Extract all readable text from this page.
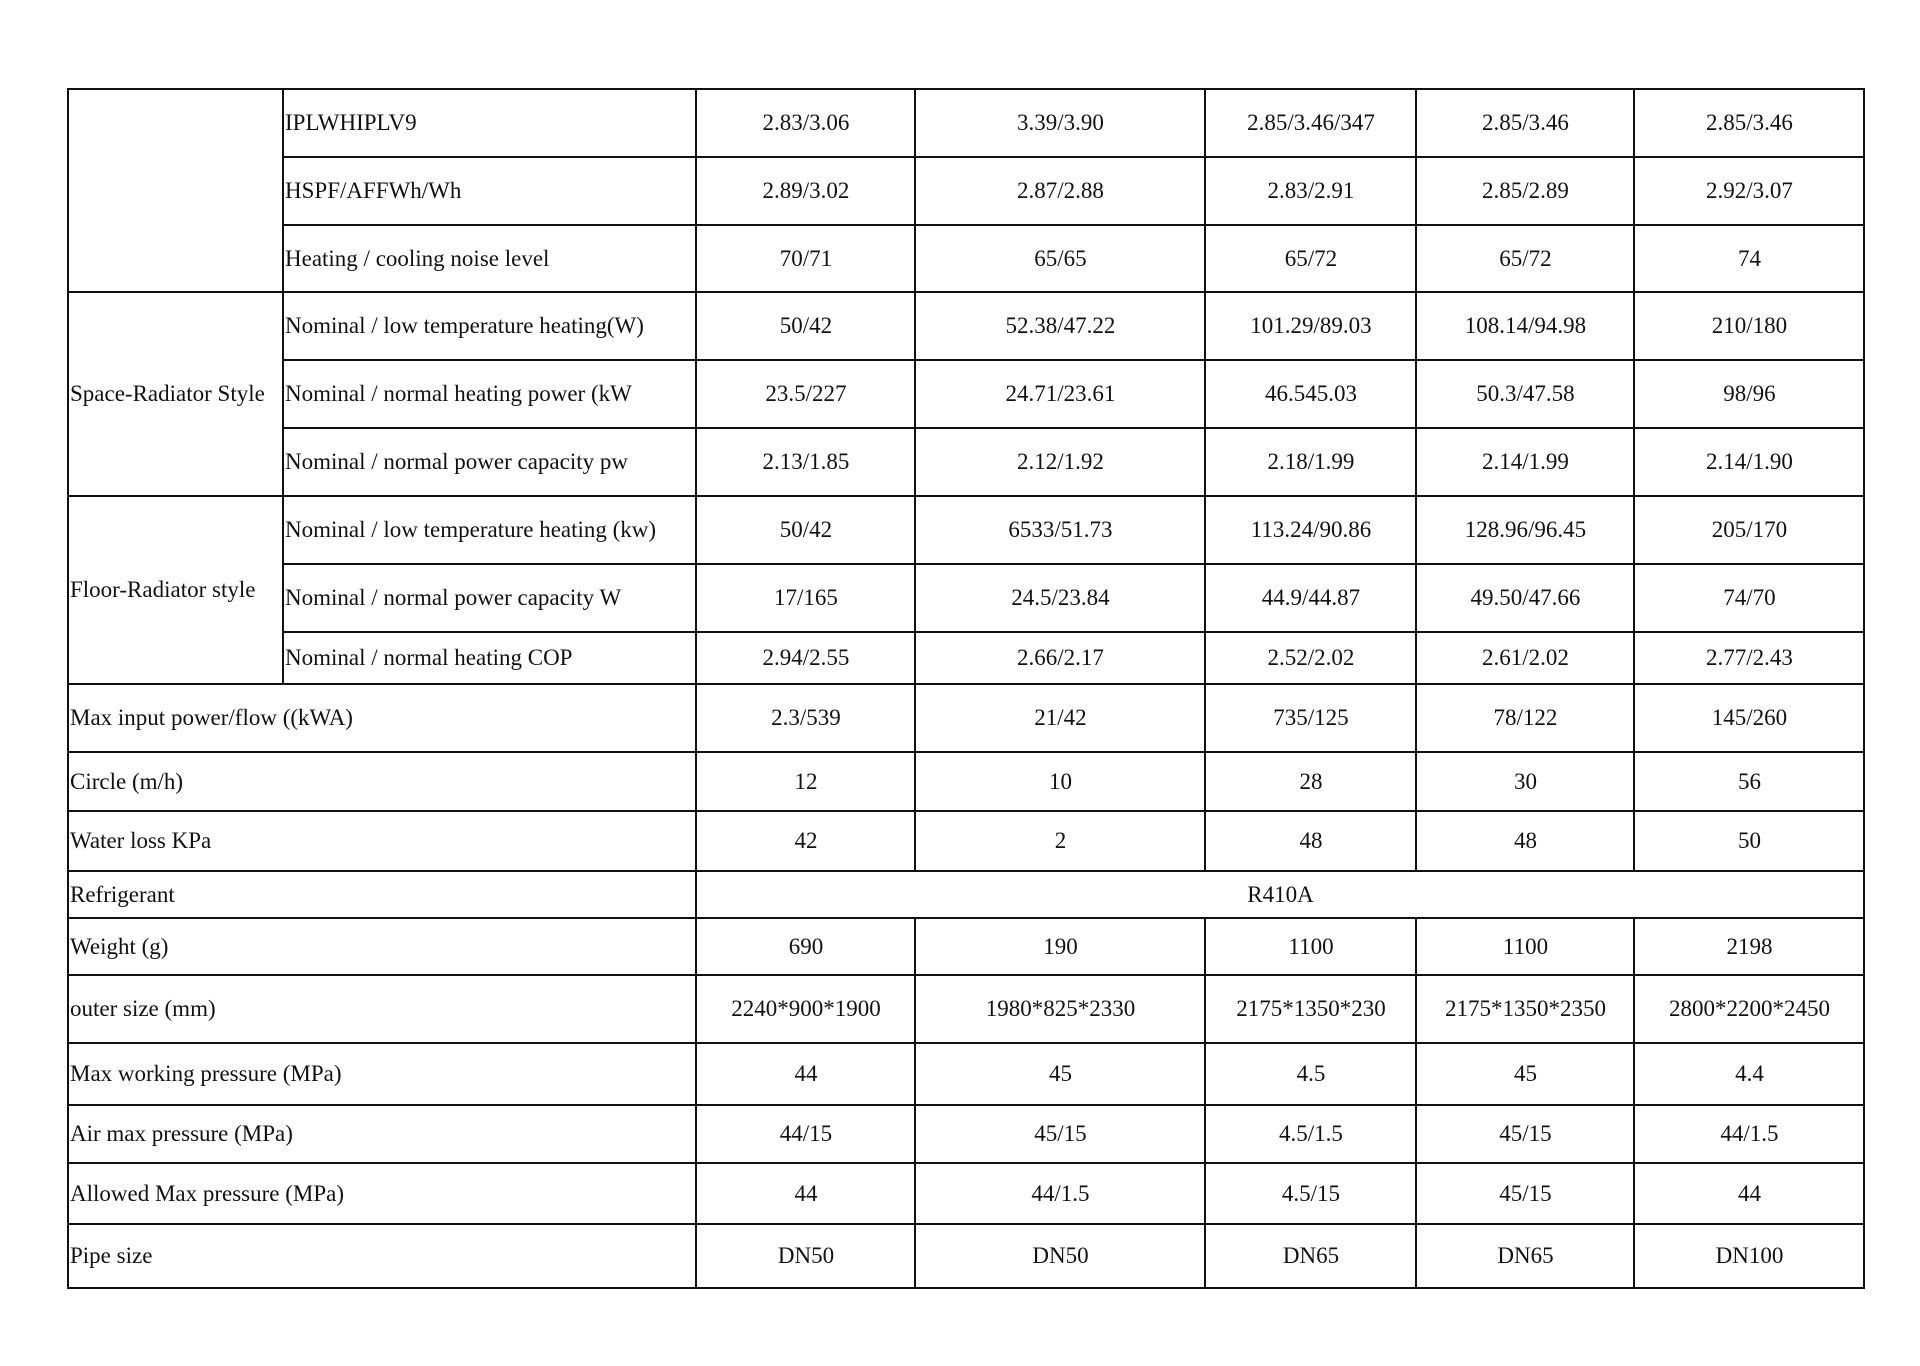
	IPLWHIPLV9	2.83/3.06	3.39/3.90	2.85/3.46/347	2.85/3.46	2.85/3.46
	HSPF/AFFWh/Wh	2.89/3.02	2.87/2.88	2.83/2.91	2.85/2.89	2.92/3.07
	Heating / cooling noise level	70/71	65/65	65/72	65/72	74
Space-Radiator Style	Nominal / low temperature heating(W)	50/42	52.38/47.22	101.29/89.03	108.14/94.98	210/180
	Nominal / normal heating power (kW	23.5/227	24.71/23.61	46.545.03	50.3/47.58	98/96
	Nominal / normal power capacity pw	2.13/1.85	2.12/1.92	2.18/1.99	2.14/1.99	2.14/1.90
Floor-Radiator style	Nominal / low temperature heating (kw)	50/42	6533/51.73	113.24/90.86	128.96/96.45	205/170
	Nominal / normal power capacity W	17/165	24.5/23.84	44.9/44.87	49.50/47.66	74/70
	Nominal / normal heating COP	2.94/2.55	2.66/2.17	2.52/2.02	2.61/2.02	2.77/2.43
Max input power/flow ((kWA)		2.3/539	21/42	735/125	78/122	145/260
Circle (m/h)		12	10	28	30	56
Water loss KPa		42	2	48	48	50
Refrigerant		R410A				
Weight (g)		690	190	1100	1100	2198
outer size (mm)		2240*900*1900	1980*825*2330	2175*1350*230	2175*1350*2350	2800*2200*2450
Max working pressure (MPa)		44	45	4.5	45	4.4
Air max pressure (MPa)		44/15	45/15	4.5/1.5	45/15	44/1.5
Allowed Max pressure (MPa)		44	44/1.5	4.5/15	45/15	44
Pipe size		DN50	DN50	DN65	DN65	DN100
